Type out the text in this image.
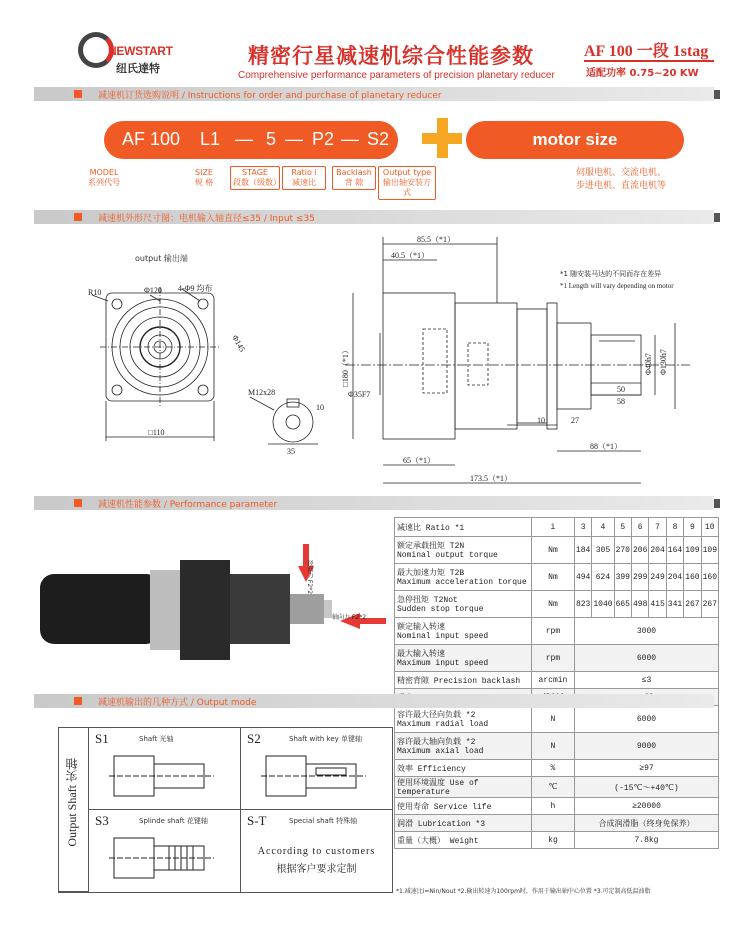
NEWSTART
纽氏達特
精密行星减速机综合性能参数
Comprehensive performance parameters of precision planetary reducer
AF 100 一段 1stag
适配功率 0.75~20 KW
减速机订货选购说明 / Instructions for order and purchase of planetary reducer
AF 100 L1 — 5 — P2 — S2	motor size
MODEL
系列代号
SIZE
规 格
STAGE
段数（级数）
Ratio i
减速比
Backlash
背 隙
Output type
输出轴安装方式
伺服电机、交流电机、
步进电机、直流电机等
减速机外形尺寸图：电机输入轴直径≤35 / Input ≤35
output 输出端
*1 随安装马达的不同而存在差异
*1 Length will vary depending on motor
R10	Φ120 4-Φ9 均布
Φ145
□110
M12x28
10
35
85.5（*1）
40.5（*1）
□180（*1）
Φ35F7
Φ130h7
Φ40h7
50
58
10	27
88（*1）
65（*1）
173.5（*1）
减速机性能参数 / Performance parameter
径向力 F2*2
轴向力 F2*2
减速比 Ratio *1	i	3	4	5	6	7	8	9	10

额定承载扭矩 T2N
Nominal output torque	Nm	184	305	270	206	204	164	109	109

最大加速力矩 T2B
Maximum acceleration torque	Nm	494	624	399	299	249	204	160	160

急停扭矩 T2Not
Sudden stop torque	Nm	823	1040	665	498	415	341	267	267

额定输入转速
Nominal input speed	rpm	3000							

最大输入转速
Maximum input speed	rpm	6000							

精密背隙 Precision backlash	arcmin	≤3							

容许最大径向负载 *2
Maximum radial load	N	6000							

容许最大轴向负载 *2
Maximum axial load	N	9000							

效率 Efficiency	%	≥97							

使用环境温度 Use of temperature	℃	(-15℃～+40℃)							

使用寿命 Service life	h	≥20000							

润滑 Lubrication *3		合成润滑脂（终身免保养）							

重量（大概） Weight	kg	7.8kg							
*1.减速比i=Nin/Nout *2.输出转速为100rpm时，作用于输出轴中心位置 *3.可定制高低温油脂
减速机输出的几种方式 / Output mode
Output Shaft 实轴
S1	Shaft 光轴	S2	Shaft with key 单键轴
S3	Splinde shaft 花键轴	S-T	Special shaft 特殊轴
According to customers
根据客户要求定制
